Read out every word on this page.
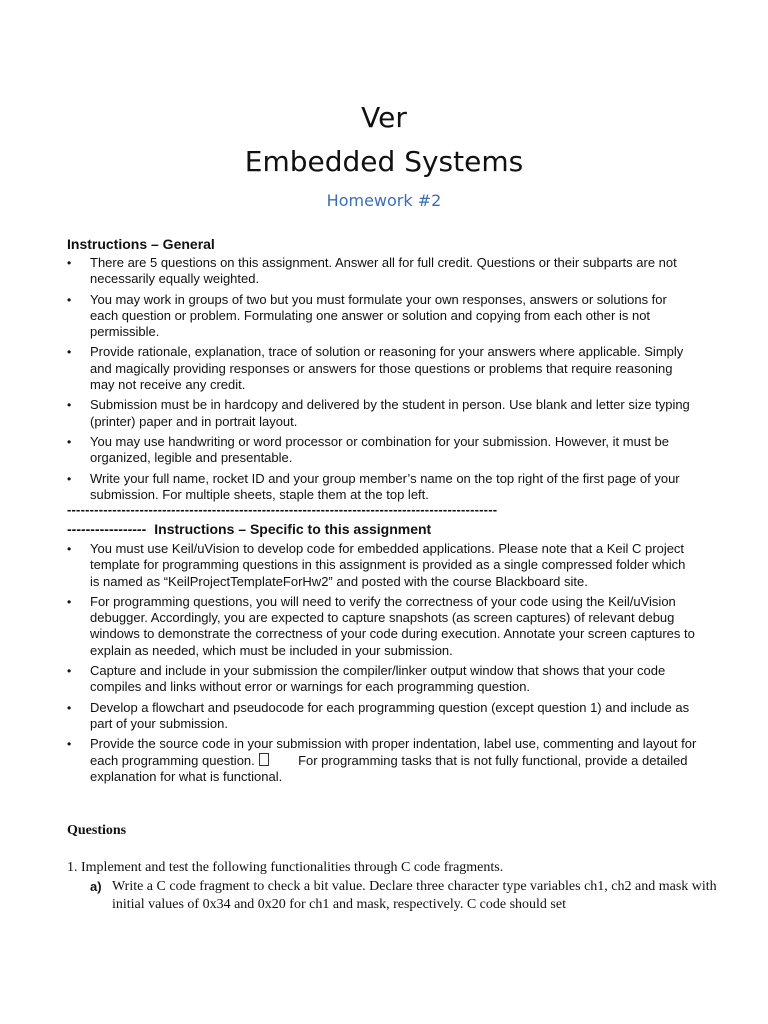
Ver
Embedded Systems
Homework #2
Instructions – General
• There are 5 questions on this assignment. Answer all for full credit. Questions or their subparts are not necessarily equally weighted.
• You may work in groups of two but you must formulate your own responses, answers or solutions for each question or problem. Formulating one answer or solution and copying from each other is not permissible.
• Provide rationale, explanation, trace of solution or reasoning for your answers where applicable. Simply and magically providing responses or answers for those questions or problems that require reasoning may not receive any credit.
• Submission must be in hardcopy and delivered by the student in person. Use blank and letter size typing (printer) paper and in portrait layout.
• You may use handwriting or word processor or combination for your submission. However, it must be organized, legible and presentable.
• Write your full name, rocket ID and your group member’s name on the top right of the first page of your submission. For multiple sheets, staple them at the top left.
-----------------------------------------------------------------------------------------------
----------------- Instructions – Specific to this assignment
• You must use Keil/uVision to develop code for embedded applications. Please note that a Keil C project template for programming questions in this assignment is provided as a single compressed folder which is named as “KeilProjectTemplateForHw2” and posted with the course Blackboard site.
• For programming questions, you will need to verify the correctness of your code using the Keil/uVision debugger. Accordingly, you are expected to capture snapshots (as screen captures) of relevant debug windows to demonstrate the correctness of your code during execution. Annotate your screen captures to explain as needed, which must be included in your submission.
• Capture and include in your submission the compiler/linker output window that shows that your code compiles and links without error or warnings for each programming question.
• Develop a flowchart and pseudocode for each programming question (except question 1) and include as part of your submission.
• Provide the source code in your submission with proper indentation, label use, commenting and layout for each programming question.	For programming tasks that is not fully functional, provide a detailed explanation for what is functional.
Questions
1. Implement and test the following functionalities through C code fragments.
a) Write a C code fragment to check a bit value. Declare three character type variables ch1, ch2 and mask with initial values of 0x34 and 0x20 for ch1 and mask, respectively. C code should set
